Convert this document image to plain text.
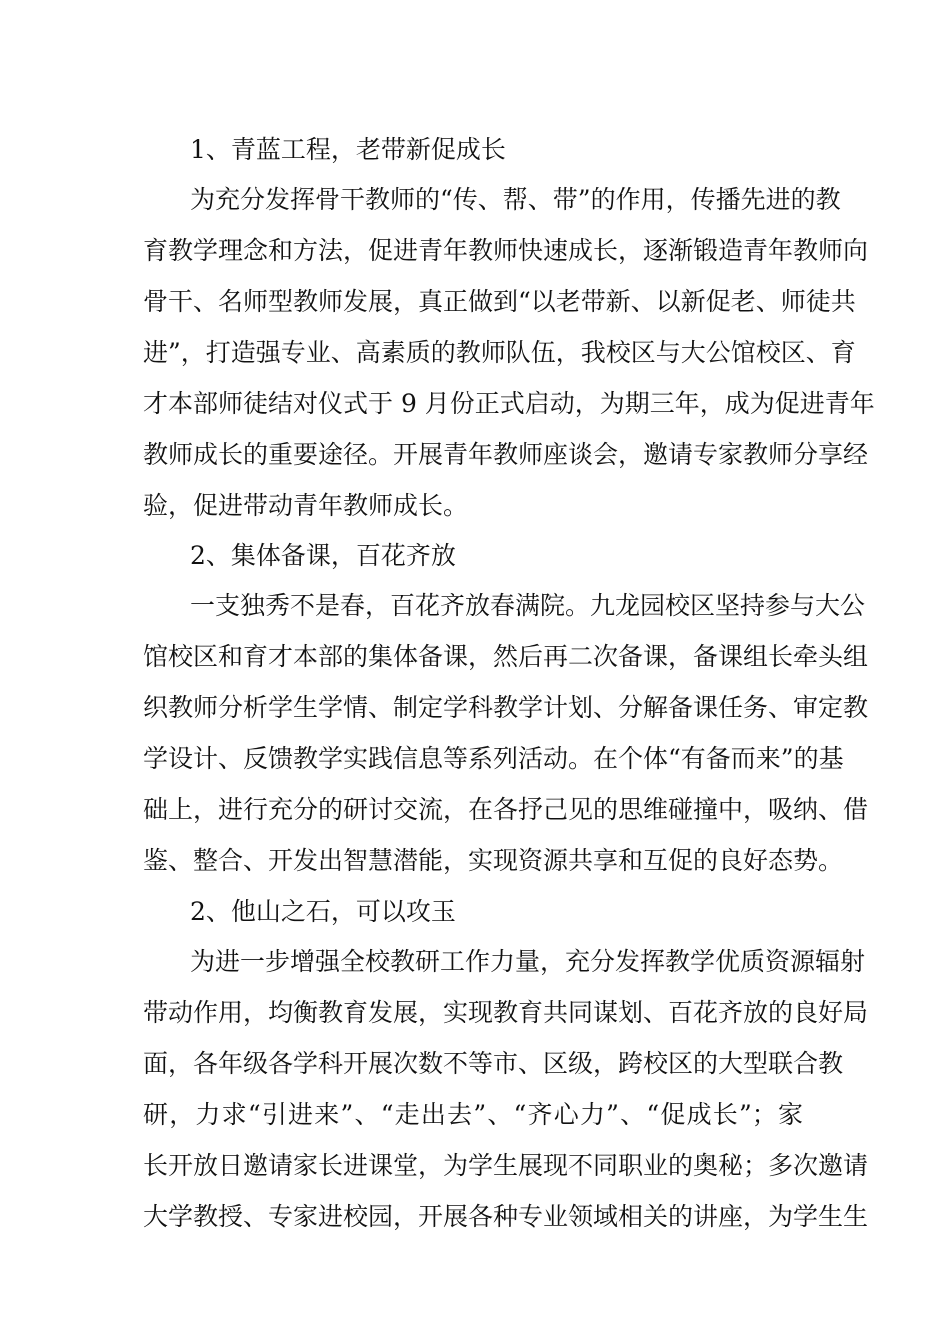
1、青蓝工程，老带新促成长
为充分发挥骨干教师的“传、帮、带”的作用，传播先进的教
育教学理念和方法，促进青年教师快速成长，逐渐锻造青年教师向
骨干、名师型教师发展，真正做到“以老带新、以新促老、师徒共
进”，打造强专业、高素质的教师队伍，我校区与大公馆校区、育
才本部师徒结对仪式于 9 月份正式启动，为期三年，成为促进青年
教师成长的重要途径。开展青年教师座谈会，邀请专家教师分享经
验，促进带动青年教师成长。
2、集体备课，百花齐放
一支独秀不是春，百花齐放春满院。九龙园校区坚持参与大公
馆校区和育才本部的集体备课，然后再二次备课，备课组长牵头组
织教师分析学生学情、制定学科教学计划、分解备课任务、审定教
学设计、反馈教学实践信息等系列活动。在个体“有备而来”的基
础上，进行充分的研讨交流，在各抒己见的思维碰撞中，吸纳、借
鉴、整合、开发出智慧潜能，实现资源共享和互促的良好态势。
2、他山之石，可以攻玉
为进一步增强全校教研工作力量，充分发挥教学优质资源辐射
带动作用，均衡教育发展，实现教育共同谋划、百花齐放的良好局
面，各年级各学科开展次数不等市、区级，跨校区的大型联合教
研，力求“引进来”、“走出去”、“齐心力”、“促成长”；家
长开放日邀请家长进课堂，为学生展现不同职业的奥秘；多次邀请
大学教授、专家进校园，开展各种专业领域相关的讲座，为学生生
